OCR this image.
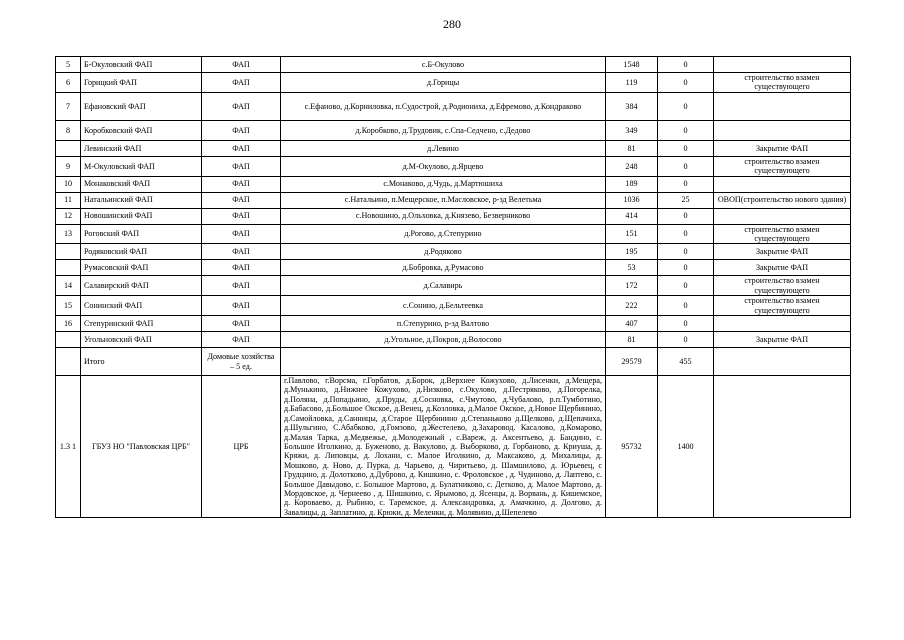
280
5	Б-Окуловский ФАП	ФАП	с.Б-Окулово	1548	0	
6	Горицкий ФАП	ФАП	д.Горицы	119	0	строительство взамен существующего
7	Ефановский ФАП	ФАП	с.Ефаново, д.Корниловка, п.Судострой, д.Родиониха, д.Ефремово, д.Кондраково	384	0	
8	Коробковский ФАП	ФАП	д.Коробково, д.Трудовик, с.Спа-Седчено, с.Дедово	349	0	
	Левинский ФАП	ФАП	д.Левино	81	0	Закрытие ФАП
9	М-Окуловский ФАП	ФАП	д.М-Окулово, д.Ярцево	248	0	строительство взамен существующего
10	Монаковский ФАП	ФАП	с.Монаково, д.Чудь, д.Мартюшиха	189	0	
11	Натальинский ФАП	ФАП	с.Натальино, п.Мещерское, п.Масловское, р-зд Велетьма	1036	25	ОВОП(строительство нового здания)
12	Новошинский ФАП	ФАП	с.Новошино, д.Ольховка, д.Князево, Безверниково	414	0	
13	Роговский ФАП	ФАП	д.Рогово, д.Степурино	151	0	строительство взамен существующего
	Родяковский ФАП	ФАП	д.Родяково	195	0	Закрытие ФАП
	Румасовский ФАП	ФАП	д.Бобровка, д.Румасово	53	0	Закрытие ФАП
14	Салавирский ФАП	ФАП	д.Салавирь	172	0	строительство взамен существующего
15	Сонинский ФАП	ФАП	с.Сонино, д.Бельтеевка	222	0	строительство взамен существующего
16	Степуринский ФАП	ФАП	п.Степурино, р-зд Валтово	407	0	
	Угольновский ФАП	ФАП	д.Угольное, д.Покров, д.Волосово	81	0	Закрытие ФАП
	Итого	Домовые хозяйства – 5 ед.		29579	455	
1.3 1	ГБУЗ НО "Павловская ЦРБ"	ЦРБ	г.Павлово, г.Ворсма, г.Горбатов, д.Борок, д.Верхнее Кожухово, д.Лисенки, д.Мещера, д.Мунькино, д.Нижнее Кожухово, д.Низково, с.Окулово, д.Пестряково, д.Погорелка, д.Поляна, д.Попадьино, д.Пруды, д.Сосновка, с.Чмутово, д.Чубалово, р.п.Тумботино, д.Бабасово, д.Большое Окское, д.Венец, д.Козловка, д.Малое Окское, д.Новое Щербинино, д.Самойловка, д.Санницы, д.Старое Щербинино д.Степаньково д.Щелково, д.Щепачиха, д.Шульгино, С.Абабково, д.Гомзово, д.Жестелево, д.Захаровод. Касалово, д.Комарово, д.Малая Тарка, д.Медвежье, д.Молодежный , с.Вареж, д. Аксентьево, д. Бандино, с. Большое Иголкино, д. Буженово, д. Вакулово, д. Выборково, д. Горбаново, д. Криуша, д. Кряжи, д. Липовцы, д. Лохани, с. Малое Иголкино, д. Максаково, д. Михалицы, д. Мошково, д. Ново, д. Пурка, д. Чарьево, д. Чиритьево, д. Шамшилово, д. Юрьевец, с Грудцино, д. Долотково, д.Дуброво, д. Кишкино, с. Фроловское , д. Чудиново, д. Лаптево, с. Большое Давыдово, с. Большое Мартово, д. Булатниково, с. Детково, д. Малое Мартово, д. Мордовское, д. Чернеево , д. Шишкино, с. Ярымово, д. Ясенцы, д. Ворвань, д. Кишемское, д. Короваево, д. Рыбино, с. Таремское, д. Александровка, д. Амачкино, д. Долгово, д. Завалицы, д. Заплатино, д. Крюки, д. Меленки, д. Молявино, д.Шепелево	95732	1400	
